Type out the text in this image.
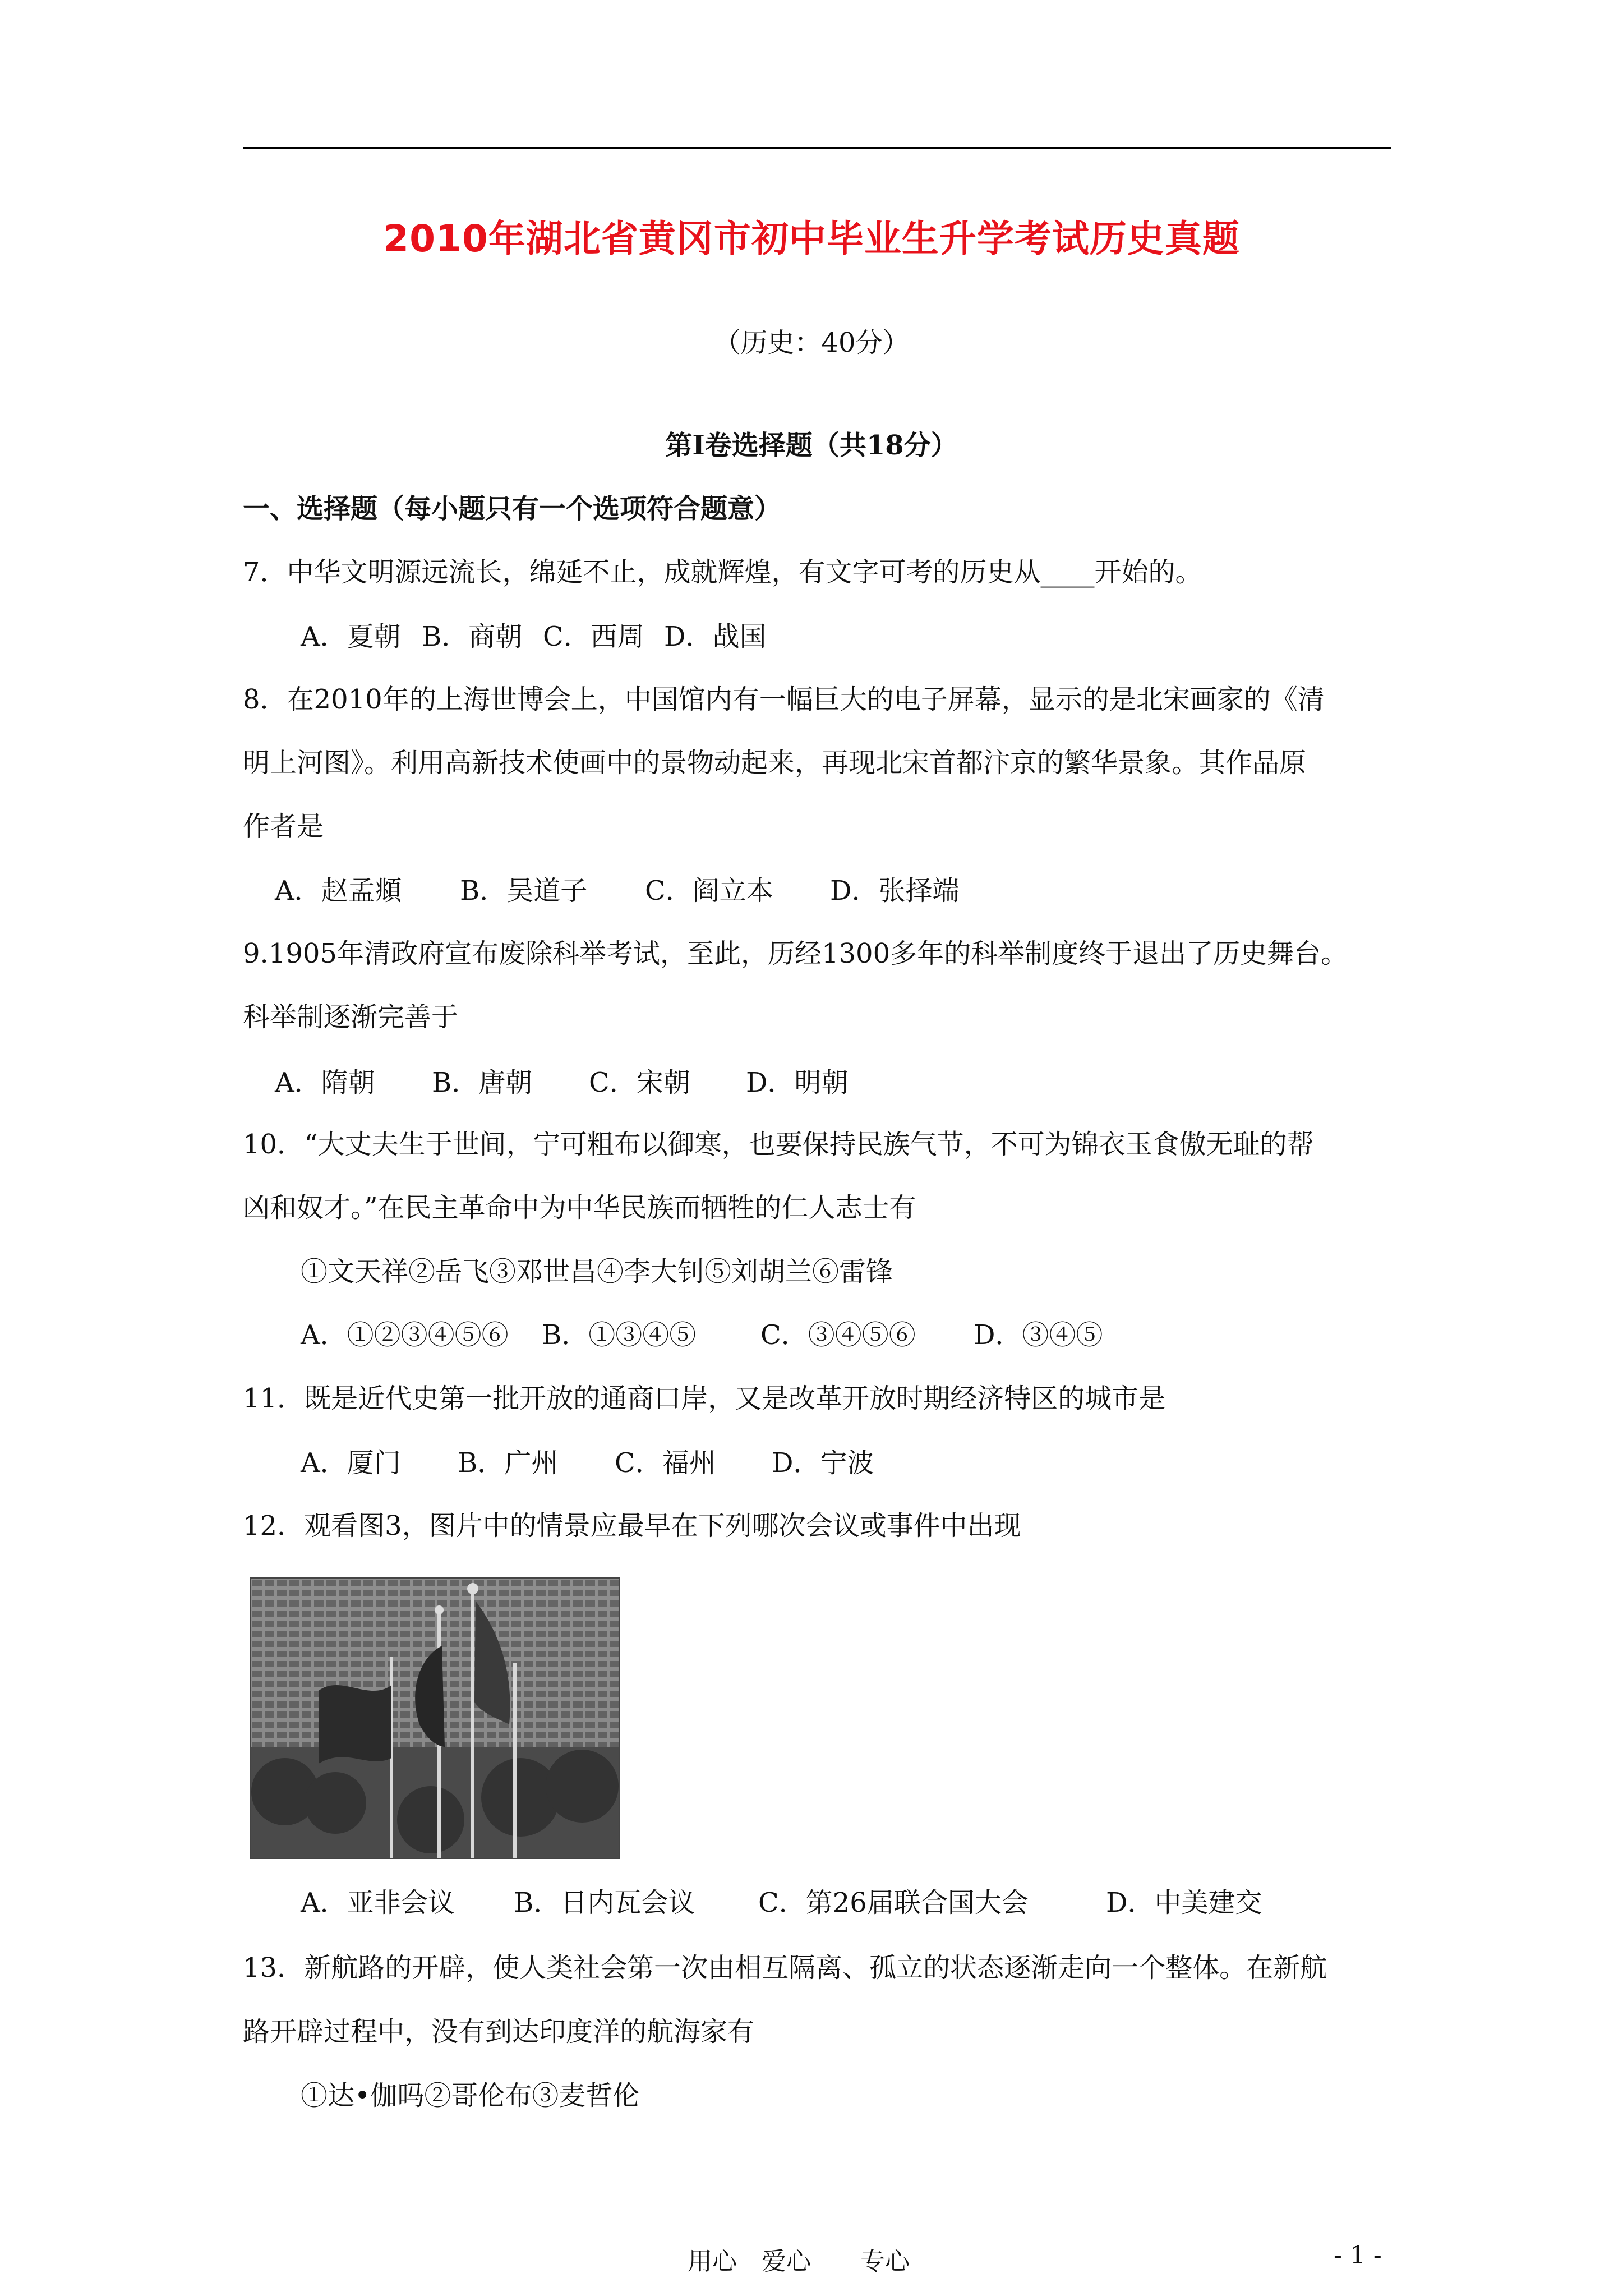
2010年湖北省黄冈市初中毕业生升学考试历史真题
（历史：40分）
第Ⅰ卷选择题（共18分）
一、选择题（每小题只有一个选项符合题意）
7．中华文明源远流长，绵延不止，成就辉煌，有文字可考的历史从____开始的。
A．夏朝 B．商朝 C．西周 D．战国
8．在2010年的上海世博会上，中国馆内有一幅巨大的电子屏幕，显示的是北宋画家的《清
明上河图》。利用高新技术使画中的景物动起来，再现北宋首都汴京的繁华景象。其作品原
作者是
A．赵孟頫 B．吴道子 C．阎立本 D．张择端
9.1905年清政府宣布废除科举考试，至此，历经1300多年的科举制度终于退出了历史舞台。
科举制逐渐完善于
A．隋朝 B．唐朝 C．宋朝 D．明朝
10．“大丈夫生于世间，宁可粗布以御寒，也要保持民族气节，不可为锦衣玉食傲无耻的帮
凶和奴才。”在民主革命中为中华民族而牺牲的仁人志士有
①文天祥②岳飞③邓世昌④李大钊⑤刘胡兰⑥雷锋
A．①②③④⑤⑥ B．①③④⑤ C．③④⑤⑥ D．③④⑤
11．既是近代史第一批开放的通商口岸，又是改革开放时期经济特区的城市是
A．厦门 B．广州 C．福州 D．宁波
12．观看图3，图片中的情景应最早在下列哪次会议或事件中出现
A．亚非会议 B．日内瓦会议 C．第26届联合国大会	D．中美建交
13．新航路的开辟，使人类社会第一次由相互隔离、孤立的状态逐渐走向一个整体。在新航
路开辟过程中，没有到达印度洋的航海家有
①达•伽吗②哥伦布③麦哲伦
用心　爱心　　专心	- 1 -
